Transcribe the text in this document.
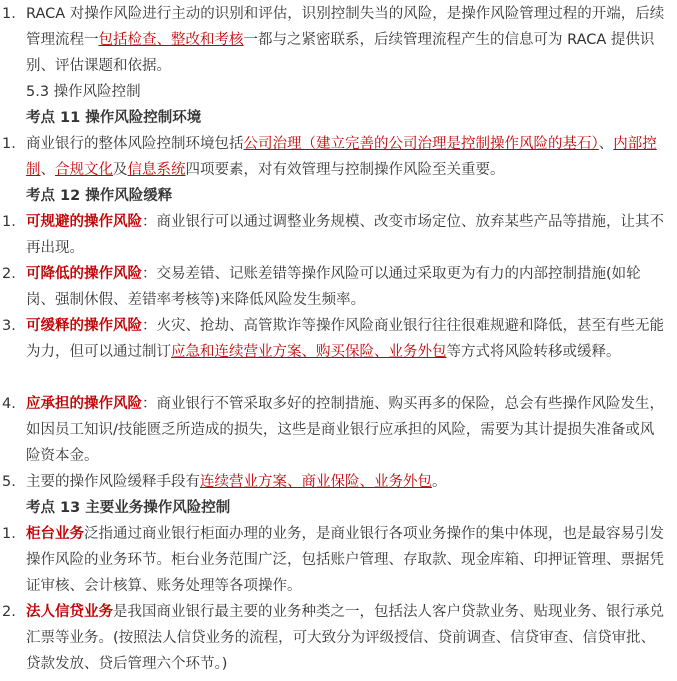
1. RACA 对操作风险进行主动的识别和评估，识别控制失当的风险，是操作风险管理过程的开端，后续管理流程一包括检查、整改和考核一都与之紧密联系，后续管理流程产生的信息可为 RACA 提供识别、评估课题和依据。
5.3 操作风险控制
考点 11 操作风险控制环境
1. 商业银行的整体风险控制环境包括公司治理（建立完善的公司治理是控制操作风险的基石）、内部控制、合规文化及信息系统四项要素，对有效管理与控制操作风险至关重要。
考点 12 操作风险缓释
1. 可规避的操作风险：商业银行可以通过调整业务规模、改变市场定位、放弃某些产品等措施，让其不再出现。
2. 可降低的操作风险：交易差错、记账差错等操作风险可以通过采取更为有力的内部控制措施(如轮岗、强制休假、差错率考核等)来降低风险发生频率。
3. 可缓释的操作风险：火灾、抢劫、高管欺诈等操作风险商业银行往往很难规避和降低，甚至有些无能为力，但可以通过制订应急和连续营业方案、购买保险、业务外包等方式将风险转移或缓释。
4. 应承担的操作风险：商业银行不管采取多好的控制措施、购买再多的保险，总会有些操作风险发生，如因员工知识/技能匮乏所造成的损失，这些是商业银行应承担的风险，需要为其计提损失准备或风险资本金。
5. 主要的操作风险缓释手段有连续营业方案、商业保险、业务外包。
考点 13 主要业务操作风险控制
1. 柜台业务泛指通过商业银行柜面办理的业务，是商业银行各项业务操作的集中体现，也是最容易引发操作风险的业务环节。柜台业务范围广泛，包括账户管理、存取款、现金库箱、印押证管理、票据凭证审核、会计核算、账务处理等各项操作。
2. 法人信贷业务是我国商业银行最主要的业务种类之一，包括法人客户贷款业务、贴现业务、银行承兑汇票等业务。(按照法人信贷业务的流程，可大致分为评级授信、贷前调查、信贷审查、信贷审批、贷款发放、贷后管理六个环节。)
